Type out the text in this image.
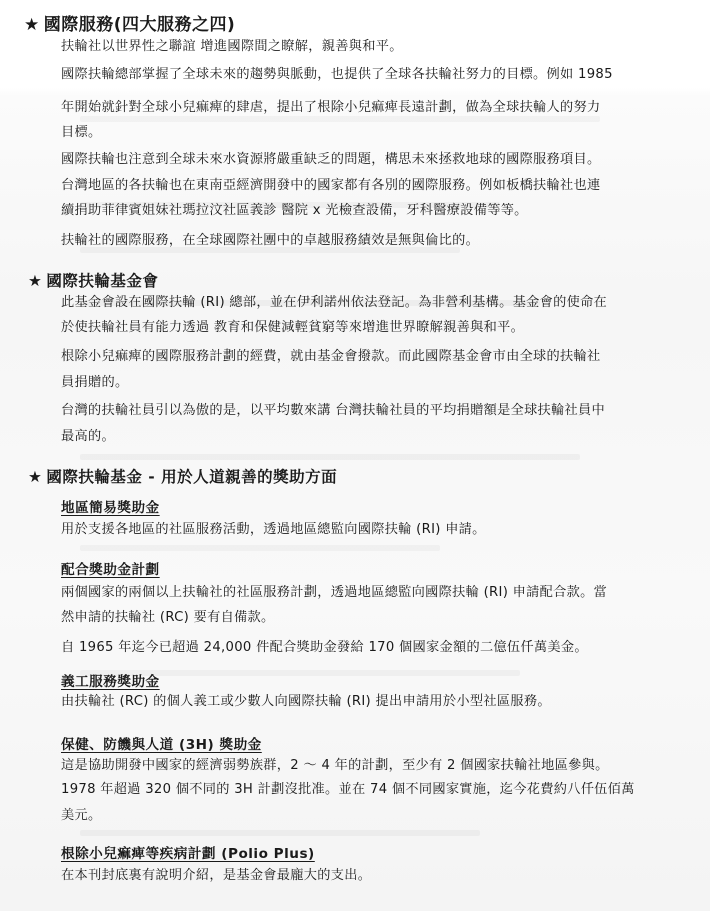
★ 國際服務(四大服務之四)
扶輪社以世界性之聯誼 增進國際間之瞭解，親善與和平。
國際扶輪總部掌握了全球未來的趨勢與脈動，也提供了全球各扶輪社努力的目標。例如 1985
年開始就針對全球小兒痲痺的肆虐，提出了根除小兒痲痺長遠計劃，做為全球扶輪人的努力
目標。
國際扶輪也注意到全球未來水資源將嚴重缺乏的問題，構思未來拯救地球的國際服務項目。
台灣地區的各扶輪也在東南亞經濟開發中的國家都有各別的國際服務。例如板橋扶輪社也連
續捐助菲律賓姐妹社瑪拉汶社區義診 醫院 x 光檢查設備，牙科醫療設備等等。
扶輪社的國際服務，在全球國際社團中的卓越服務績效是無與倫比的。
★ 國際扶輪基金會
此基金會設在國際扶輪 (RI) 總部，並在伊利諾州依法登記。為非營利基構。基金會的使命在
於使扶輪社員有能力透過 教育和保健減輕貧窮等來增進世界瞭解親善與和平。
根除小兒痲痺的國際服務計劃的經費，就由基金會撥款。而此國際基金會市由全球的扶輪社
員捐贈的。
台灣的扶輪社員引以為傲的是，以平均數來講 台灣扶輪社員的平均捐贈額是全球扶輪社員中
最高的。
★ 國際扶輪基金 - 用於人道親善的獎助方面
地區簡易獎助金
用於支援各地區的社區服務活動，透過地區總監向國際扶輪 (RI) 申請。
配合獎助金計劃
兩個國家的兩個以上扶輪社的社區服務計劃，透過地區總監向國際扶輪 (RI) 申請配合款。當
然申請的扶輪社 (RC) 要有自備款。
自 1965 年迄今已超過 24,000 件配合獎助金發給 170 個國家金額的二億伍仟萬美金。
義工服務獎助金
由扶輪社 (RC) 的個人義工或少數人向國際扶輪 (RI) 提出申請用於小型社區服務。
保健、防饑與人道 (3H) 獎助金
這是協助開發中國家的經濟弱勢族群，2 ～ 4 年的計劃，至少有 2 個國家扶輪社地區參與。
1978 年超過 320 個不同的 3H 計劃沒批准。並在 74 個不同國家實施，迄今花費約八仟伍佰萬
美元。
根除小兒痲痺等疾病計劃 (Polio Plus)
在本刊封底裏有說明介紹，是基金會最龐大的支出。
